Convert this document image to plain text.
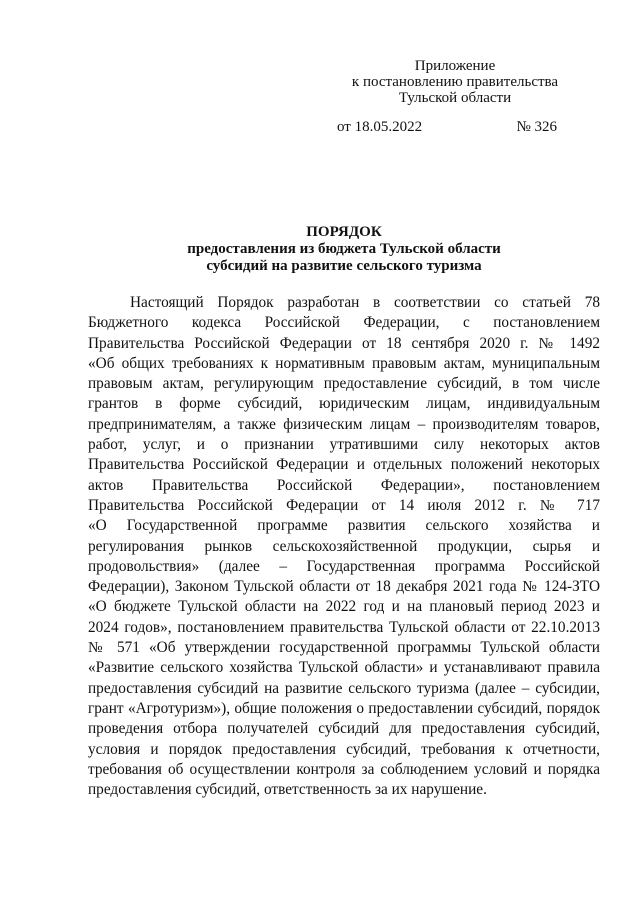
Приложение
к постановлению правительства
Тульской области
от 18.05.2022	№ 326
ПОРЯДОК
предоставления из бюджета Тульской области
субсидий на развитие сельского туризма
Настоящий Порядок разработан в соответствии со статьей 78
Бюджетного кодекса Российской Федерации, с постановлением
Правительства Российской Федерации от 18 сентября 2020 г. № 1492
«Об общих требованиях к нормативным правовым актам, муниципальным
правовым актам, регулирующим предоставление субсидий, в том числе
грантов в форме субсидий, юридическим лицам, индивидуальным
предпринимателям, а также физическим лицам – производителям товаров,
работ, услуг, и о признании утратившими силу некоторых актов
Правительства Российской Федерации и отдельных положений некоторых
актов Правительства Российской Федерации», постановлением
Правительства Российской Федерации от 14 июля 2012 г. № 717
«О Государственной программе развития сельского хозяйства и
регулирования рынков сельскохозяйственной продукции, сырья и
продовольствия» (далее – Государственная программа Российской
Федерации), Законом Тульской области от 18 декабря 2021 года № 124-ЗТО
«О бюджете Тульской области на 2022 год и на плановый период 2023 и
2024 годов», постановлением правительства Тульской области от 22.10.2013
№ 571 «Об утверждении государственной программы Тульской области
«Развитие сельского хозяйства Тульской области» и устанавливают правила
предоставления субсидий на развитие сельского туризма (далее – субсидии,
грант «Агротуризм»), общие положения о предоставлении субсидий, порядок
проведения отбора получателей субсидий для предоставления субсидий,
условия и порядок предоставления субсидий, требования к отчетности,
требования об осуществлении контроля за соблюдением условий и порядка
предоставления субсидий, ответственность за их нарушение.
